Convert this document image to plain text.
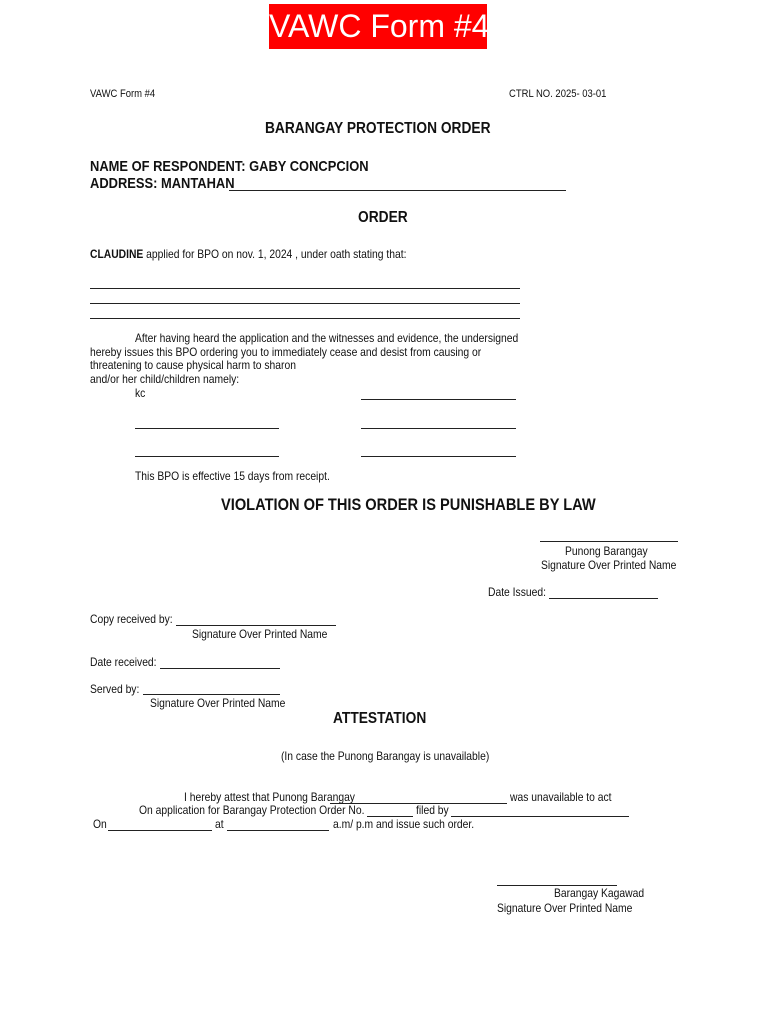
VAWC Form #4
VAWC Form #4	CTRL NO. 2025- 03-01
BARANGAY PROTECTION ORDER
NAME OF RESPONDENT: GABY CONCPCION
ADDRESS: MANTAHAN
ORDER
CLAUDINE applied for BPO on nov. 1, 2024 , under oath stating that:
After having heard the application and the witnesses and evidence, the undersigned
hereby issues this BPO ordering you to immediately cease and desist from causing or
threatening to cause physical harm to sharon
and/or her child/children namely:
kc
This BPO is effective 15 days from receipt.
VIOLATION OF THIS ORDER IS PUNISHABLE BY LAW
Punong Barangay
Signature Over Printed Name
Date Issued:
Copy received by:
Signature Over Printed Name
Date received:
Served by:
Signature Over Printed Name
ATTESTATION
(In case the Punong Barangay is unavailable)
I hereby attest that Punong Barangay	was unavailable to act
On application for Barangay Protection Order No.	filed by
On	at	a.m/ p.m and issue such order.
Barangay Kagawad
Signature Over Printed Name
